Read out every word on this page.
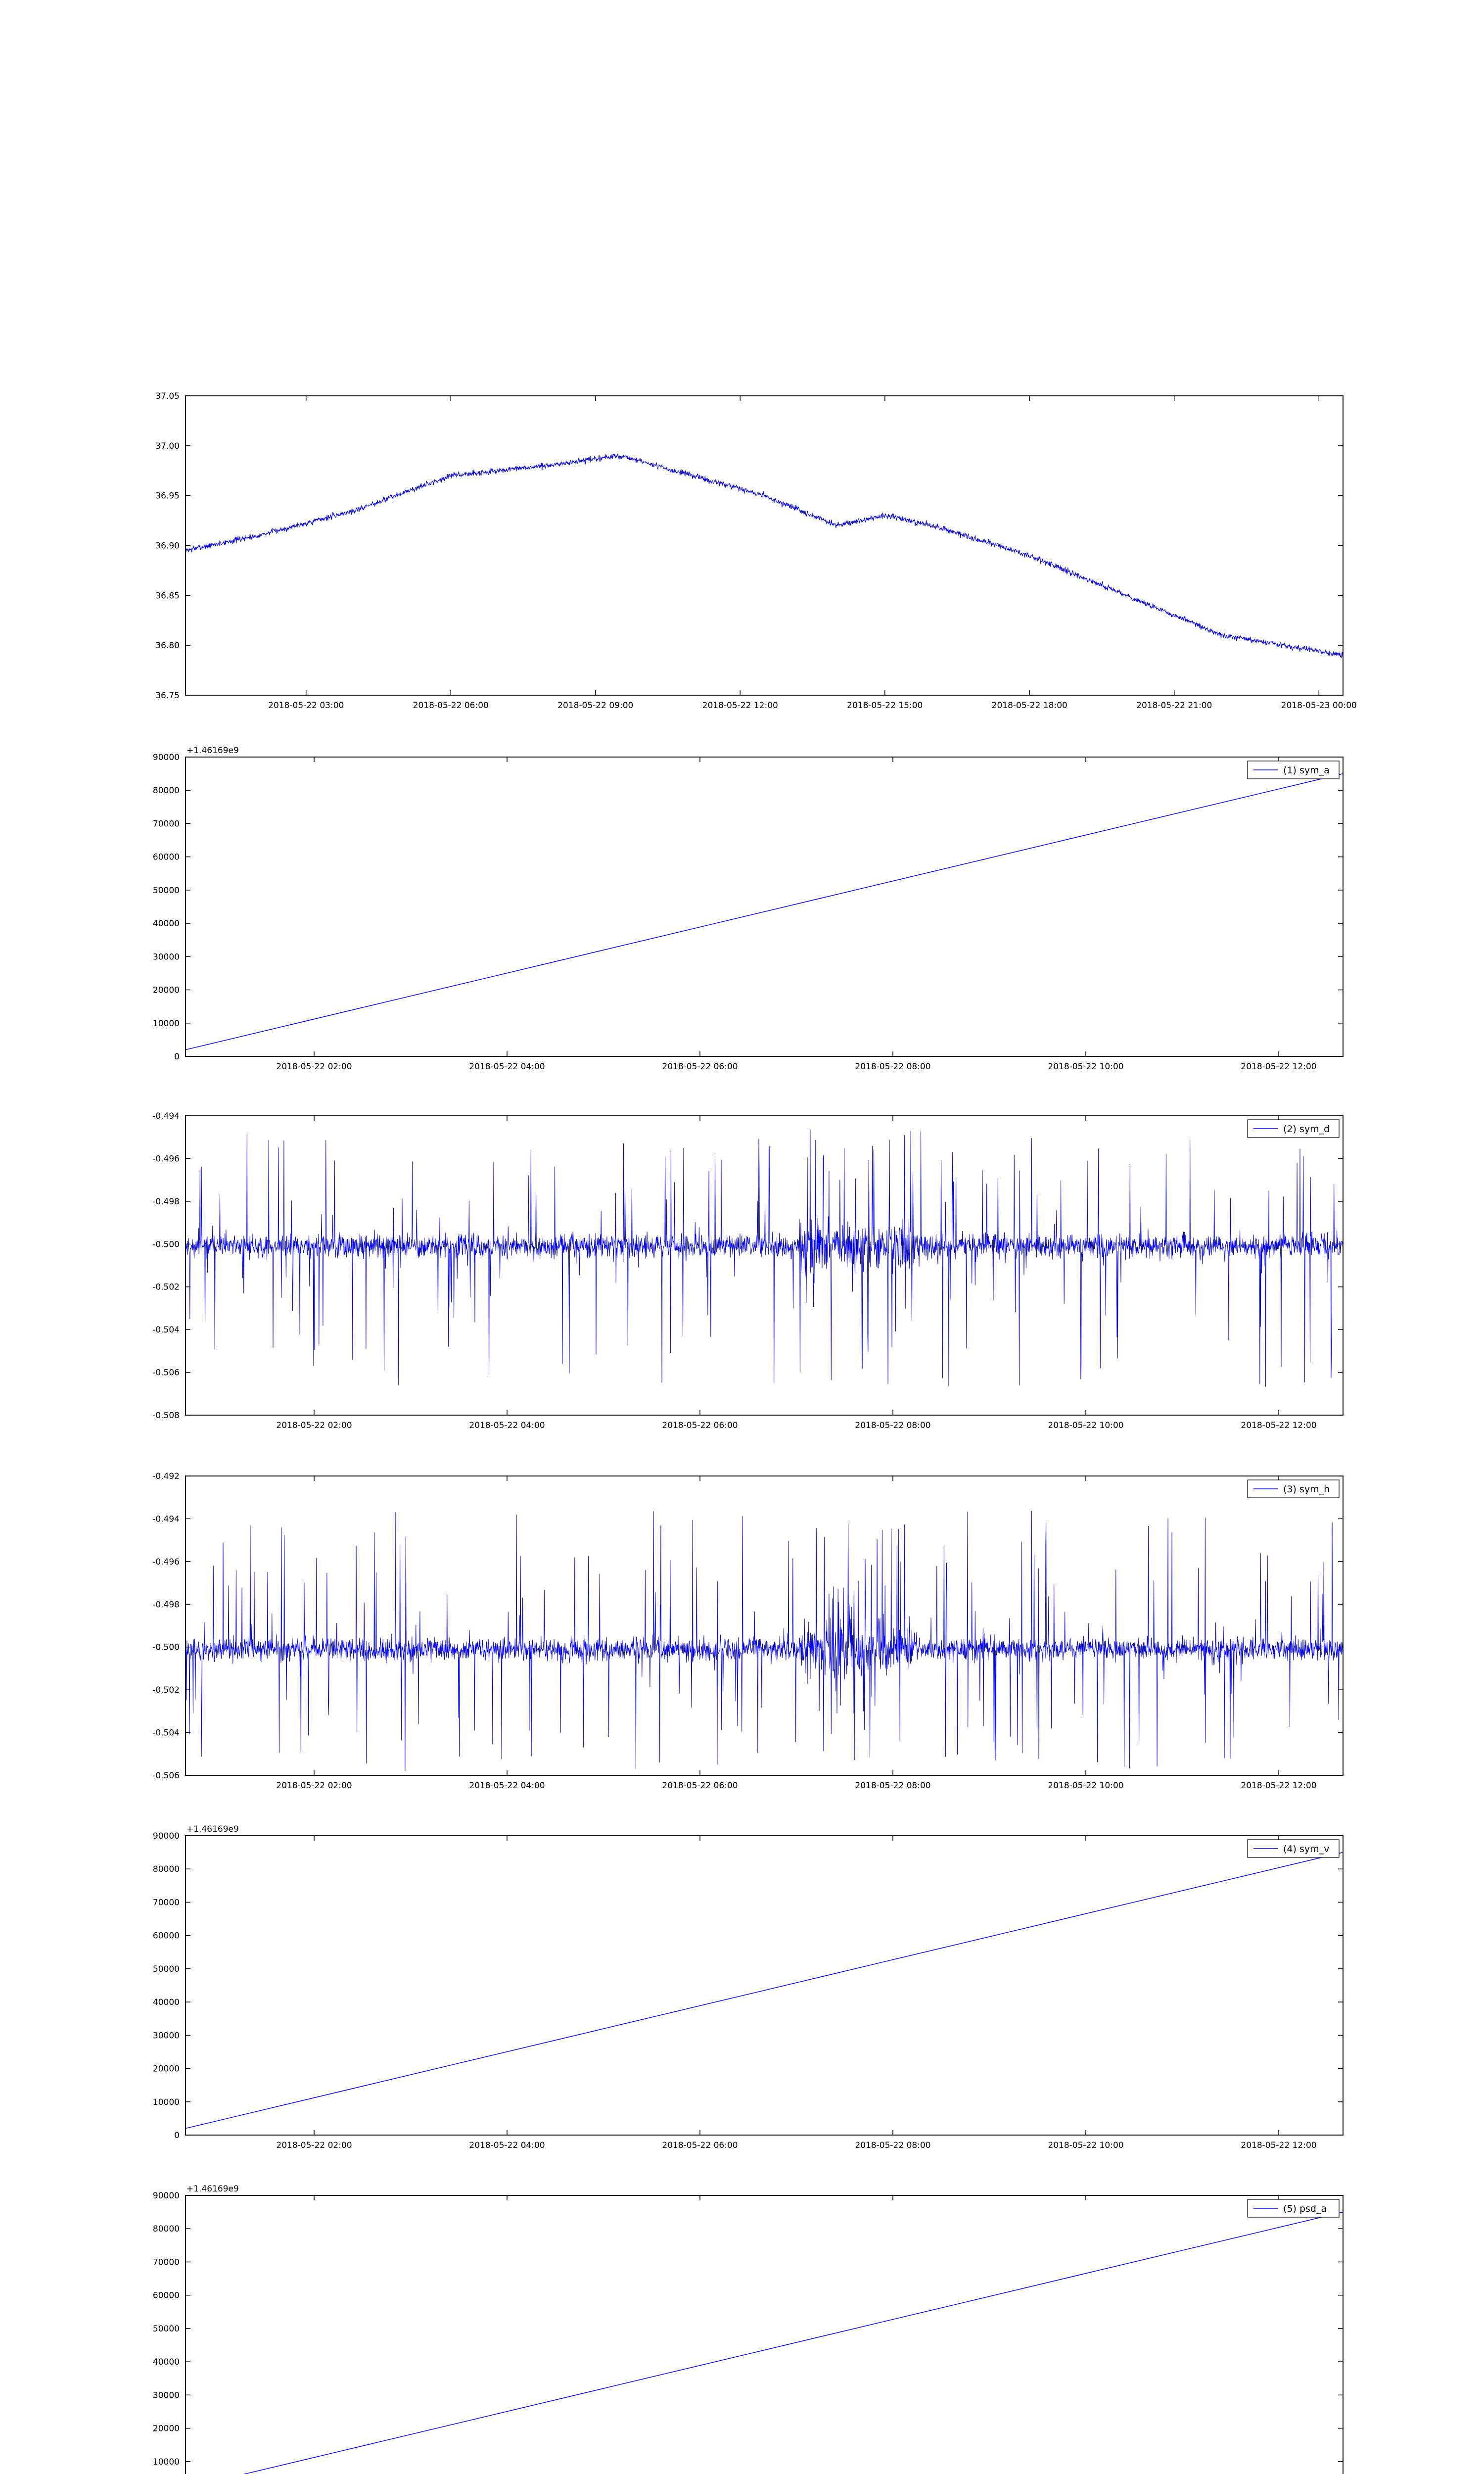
36.75
36.80
36.85
36.90
36.95
37.00
37.05
2018-05-22 03:00	2018-05-22 06:00	2018-05-22 09:00	2018-05-22 12:00	2018-05-22 15:00	2018-05-22 18:00	2018-05-22 21:00	2018-05-23 00:00
0
10000
20000
30000
40000
50000
60000
70000
80000
90000
2018-05-22 02:00	2018-05-22 04:00	2018-05-22 06:00	2018-05-22 08:00	2018-05-22 10:00	2018-05-22 12:00
+1.46169e9
(1) sym_a
-0.508
-0.506
-0.504
-0.502
-0.500
-0.498
-0.496
-0.494
2018-05-22 02:00	2018-05-22 04:00	2018-05-22 06:00	2018-05-22 08:00	2018-05-22 10:00	2018-05-22 12:00
(2) sym_d
-0.506
-0.504
-0.502
-0.500
-0.498
-0.496
-0.494
-0.492
2018-05-22 02:00	2018-05-22 04:00	2018-05-22 06:00	2018-05-22 08:00	2018-05-22 10:00	2018-05-22 12:00
(3) sym_h
0
10000
20000
30000
40000
50000
60000
70000
80000
90000
2018-05-22 02:00	2018-05-22 04:00	2018-05-22 06:00	2018-05-22 08:00	2018-05-22 10:00	2018-05-22 12:00
+1.46169e9
(4) sym_v
10000
20000
30000
40000
50000
60000
70000
80000
90000
+1.46169e9
(5) psd_a
